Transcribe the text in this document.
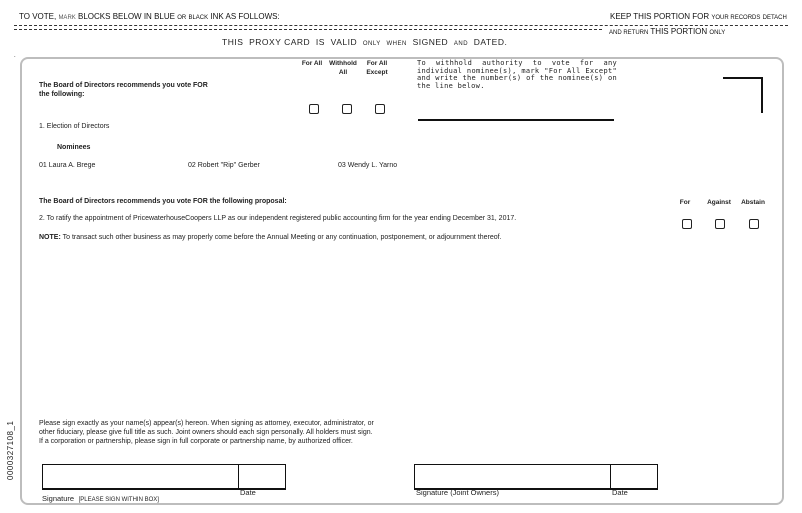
TO VOTE, MARK BLOCKS BELOW IN BLUE OR BLACK INK AS FOLLOWS:	KEEP THIS PORTION FOR YOUR RECORDS DETACH
AND RETURN THIS PORTION ONLY
THIS PROXY CARD IS VALID ONLY WHEN SIGNED AND DATED.
.
The Board of Directors recommends you vote FOR
the following:
For All	Withhold All
For All Except
To withhold authority to vote for any individual nominee(s), mark "For All Except" and write the number(s) of the nominee(s) on the line below.
1. Election of Directors
Nominees
01 Laura A. Brege	02 Robert "Rip" Gerber	03 Wendy L. Yarno
The Board of Directors recommends you vote FOR the following proposal:	For	Against	Abstain
2. To ratify the appointment of PricewaterhouseCoopers LLP as our independent registered public accounting firm for the year ending December 31, 2017.
NOTE: To transact such other business as may properly come before the Annual Meeting or any continuation, postponement, or adjournment thereof.
Please sign exactly as your name(s) appear(s) hereon. When signing as attorney, executor, administrator, or
other fiduciary, please give full title as such. Joint owners should each sign personally. All holders must sign.
If a corporation or partnership, please sign in full corporate or partnership name, by authorized officer.
Signature [PLEASE SIGN WITHIN BOX]
Date	Signature (Joint Owners)	Date
0000327108_1
